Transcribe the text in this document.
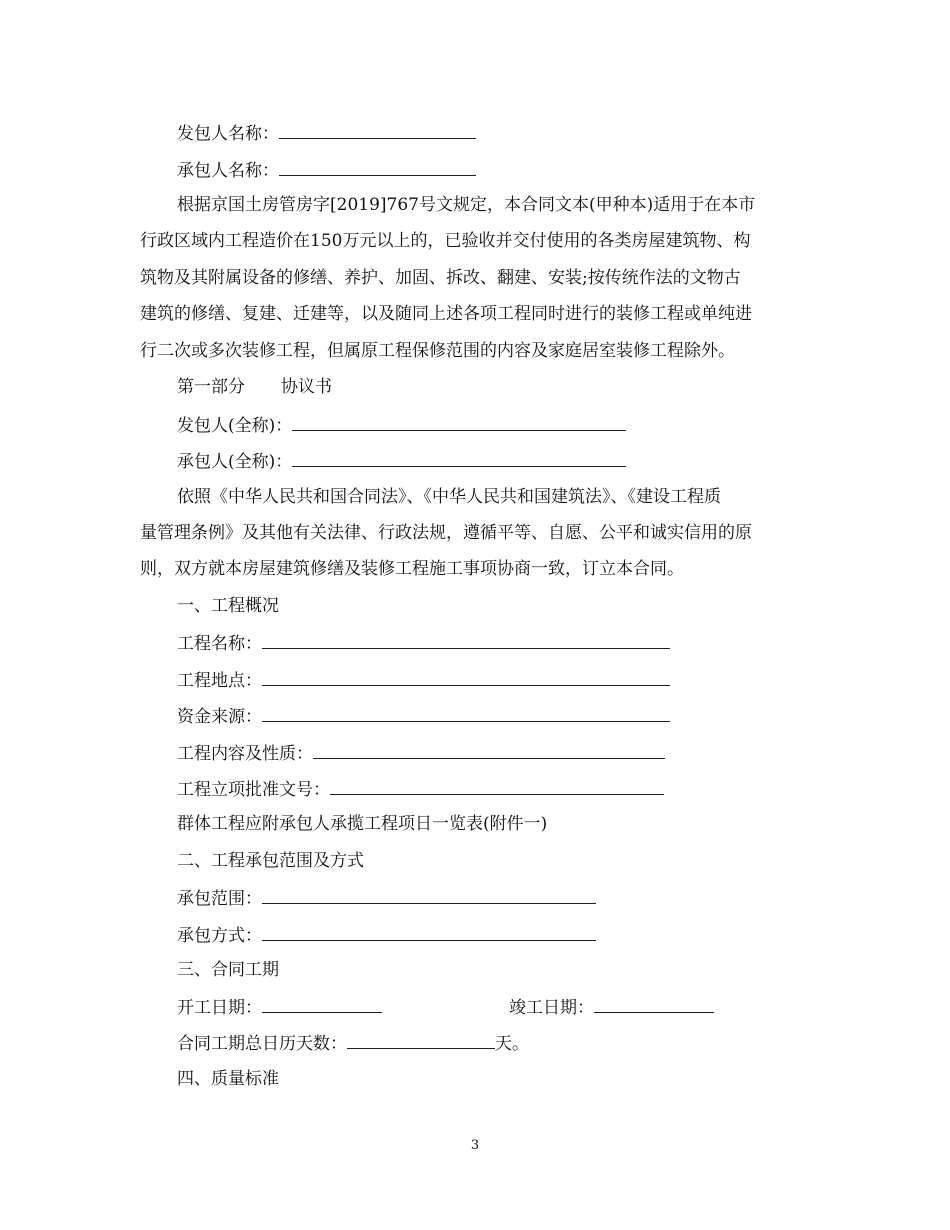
发包人名称：
承包人名称：
根据京国土房管房字[2019]767号文规定，本合同文本(甲种本)适用于在本市
行政区域内工程造价在150万元以上的，已验收并交付使用的各类房屋建筑物、构
筑物及其附属设备的修缮、养护、加固、拆改、翻建、安装;按传统作法的文物古
建筑的修缮、复建、迁建等，以及随同上述各项工程同时进行的装修工程或单纯进
行二次或多次装修工程，但属原工程保修范围的内容及家庭居室装修工程除外。
第一部分 协议书
发包人(全称)：
承包人(全称)：
依照《中华人民共和国合同法》、《中华人民共和国建筑法》、《建设工程质
量管理条例》及其他有关法律、行政法规，遵循平等、自愿、公平和诚实信用的原
则，双方就本房屋建筑修缮及装修工程施工事项协商一致，订立本合同。
一、工程概况
工程名称：
工程地点：
资金来源：
工程内容及性质：
工程立项批准文号：
群体工程应附承包人承揽工程项日一览表(附件一)
二、工程承包范围及方式
承包范围：
承包方式：
三、合同工期
开工日期：	竣工日期：
合同工期总日历天数：	天。
四、质量标准
3
